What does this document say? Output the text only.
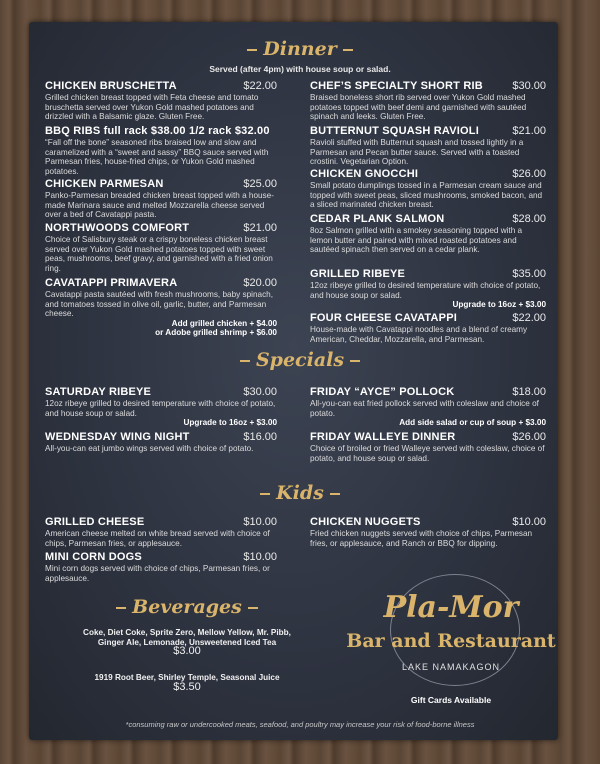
Dinner
Served (after 4pm) with house soup or salad.
CHICKEN BRUSCHETTA	$22.00
Grilled chicken breast topped with Feta cheese and tomato bruschetta served over Yukon Gold mashed potatoes and drizzled with a Balsamic glaze. Gluten Free.
BBQ RIBS full rack $38.00 1/2 rack $32.00
“Fall off the bone” seasoned ribs braised low and slow and caramelized with a “sweet and sassy” BBQ sauce served with Parmesan fries, house-fried chips, or Yukon Gold mashed potatoes.
CHICKEN PARMESAN	$25.00
Panko-Parmesan breaded chicken breast topped with a house-made Marinara sauce and melted Mozzarella cheese served over a bed of Cavatappi pasta.
NORTHWOODS COMFORT	$21.00
Choice of Salisbury steak or a crispy boneless chicken breast served over Yukon Gold mashed potatoes topped with sweet peas, mushrooms, beef gravy, and garnished with a fried onion ring.
CAVATAPPI PRIMAVERA	$20.00
Cavatappi pasta sautéed with fresh mushrooms, baby spinach, and tomatoes tossed in olive oil, garlic, butter, and Parmesan cheese.
Add grilled chicken + $4.00
or Adobe grilled shrimp + $6.00
CHEF’S SPECIALTY SHORT RIB	$30.00
Braised boneless short rib served over Yukon Gold mashed potatoes topped with beef demi and garnished with sautéed spinach and leeks. Gluten Free.
BUTTERNUT SQUASH RAVIOLI	$21.00
Ravioli stuffed with Butternut squash and tossed lightly in a Parmesan and Pecan butter sauce. Served with a toasted crostini. Vegetarian Option.
CHICKEN GNOCCHI	$26.00
Small potato dumplings tossed in a Parmesan cream sauce and topped with sweet peas, sliced mushrooms, smoked bacon, and a sliced marinated chicken breast.
CEDAR PLANK SALMON	$28.00
8oz Salmon grilled with a smokey seasoning topped with a lemon butter and paired with mixed roasted potatoes and sautéed spinach then served on a cedar plank.
GRILLED RIBEYE	$35.00
12oz ribeye grilled to desired temperature with choice of potato, and house soup or salad.
Upgrade to 16oz + $3.00
FOUR CHEESE CAVATAPPI	$22.00
House-made with Cavatappi noodles and a blend of creamy American, Cheddar, Mozzarella, and Parmesan.
Specials
SATURDAY RIBEYE	$30.00
12oz ribeye grilled to desired temperature with choice of potato, and house soup or salad.
Upgrade to 16oz + $3.00
WEDNESDAY WING NIGHT	$16.00
All-you-can eat jumbo wings served with choice of potato.
FRIDAY “AYCE” POLLOCK	$18.00
All-you-can eat fried pollock served with coleslaw and choice of potato.
Add side salad or cup of soup + $3.00
FRIDAY WALLEYE DINNER	$26.00
Choice of broiled or fried Walleye served with coleslaw, choice of potato, and house soup or salad.
Kids
GRILLED CHEESE	$10.00
American cheese melted on white bread served with choice of chips, Parmesan fries, or applesauce.
MINI CORN DOGS	$10.00
Mini corn dogs served with choice of chips, Parmesan fries, or applesauce.
CHICKEN NUGGETS	$10.00
Fried chicken nuggets served with choice of chips, Parmesan fries, or applesauce, and Ranch or BBQ for dipping.
Beverages
Coke, Diet Coke, Sprite Zero, Mellow Yellow, Mr. Pibb, Ginger Ale, Lemonade, Unsweetened Iced Tea
$3.00
1919 Root Beer, Shirley Temple, Seasonal Juice
$3.50
Pla-Mor
Bar and Restaurant
LAKE NAMAKAGON
Gift Cards Available
*consuming raw or undercooked meats, seafood, and poultry may increase your risk of food-borne illness
